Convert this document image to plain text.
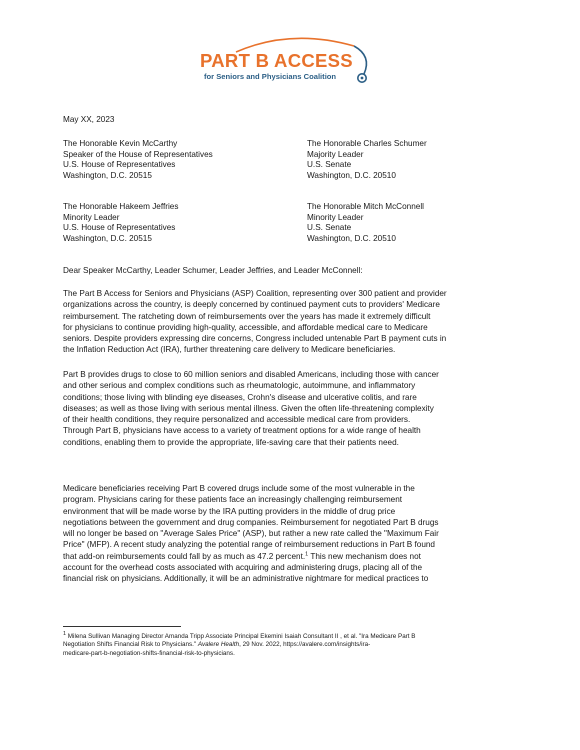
PART B ACCESS
for Seniors and Physicians Coalition
May XX, 2023
The Honorable Kevin McCarthy
Speaker of the House of Representatives
U.S. House of Representatives
Washington, D.C. 20515
The Honorable Charles Schumer
Majority Leader
U.S. Senate
Washington, D.C. 20510
The Honorable Hakeem Jeffries
Minority Leader
U.S. House of Representatives
Washington, D.C. 20515
The Honorable Mitch McConnell
Minority Leader
U.S. Senate
Washington, D.C. 20510
Dear Speaker McCarthy, Leader Schumer, Leader Jeffries, and Leader McConnell:
The Part B Access for Seniors and Physicians (ASP) Coalition, representing over 300 patient and provider
organizations across the country, is deeply concerned by continued payment cuts to providers' Medicare
reimbursement. The ratcheting down of reimbursements over the years has made it extremely difficult
for physicians to continue providing high-quality, accessible, and affordable medical care to Medicare
seniors. Despite providers expressing dire concerns, Congress included untenable Part B payment cuts in
the Inflation Reduction Act (IRA), further threatening care delivery to Medicare beneficiaries.
Part B provides drugs to close to 60 million seniors and disabled Americans, including those with cancer
and other serious and complex conditions such as rheumatologic, autoimmune, and inflammatory
conditions; those living with blinding eye diseases, Crohn's disease and ulcerative colitis, and rare
diseases; as well as those living with serious mental illness. Given the often life-threatening complexity
of their health conditions, they require personalized and accessible medical care from providers.
Through Part B, physicians have access to a variety of treatment options for a wide range of health
conditions, enabling them to provide the appropriate, life-saving care that their patients need.
Medicare beneficiaries receiving Part B covered drugs include some of the most vulnerable in the
program. Physicians caring for these patients face an increasingly challenging reimbursement
environment that will be made worse by the IRA putting providers in the middle of drug price
negotiations between the government and drug companies. Reimbursement for negotiated Part B drugs
will no longer be based on "Average Sales Price" (ASP), but rather a new rate called the "Maximum Fair
Price" (MFP). A recent study analyzing the potential range of reimbursement reductions in Part B found
that add-on reimbursements could fall by as much as 47.2 percent.$^1$ This new mechanism does not
account for the overhead costs associated with acquiring and administering drugs, placing all of the
financial risk on physicians. Additionally, it will be an administrative nightmare for medical practices to
$^1$ Milena Sullivan Managing Director Amanda Tripp Associate Principal Ekemini Isaiah Consultant II , et al. "Ira Medicare Part B
Negotiation Shifts Financial Risk to Physicians." Avalere Health, 29 Nov. 2022, https://avalere.com/insights/ira-
medicare-part-b-negotiation-shifts-financial-risk-to-physicians.
